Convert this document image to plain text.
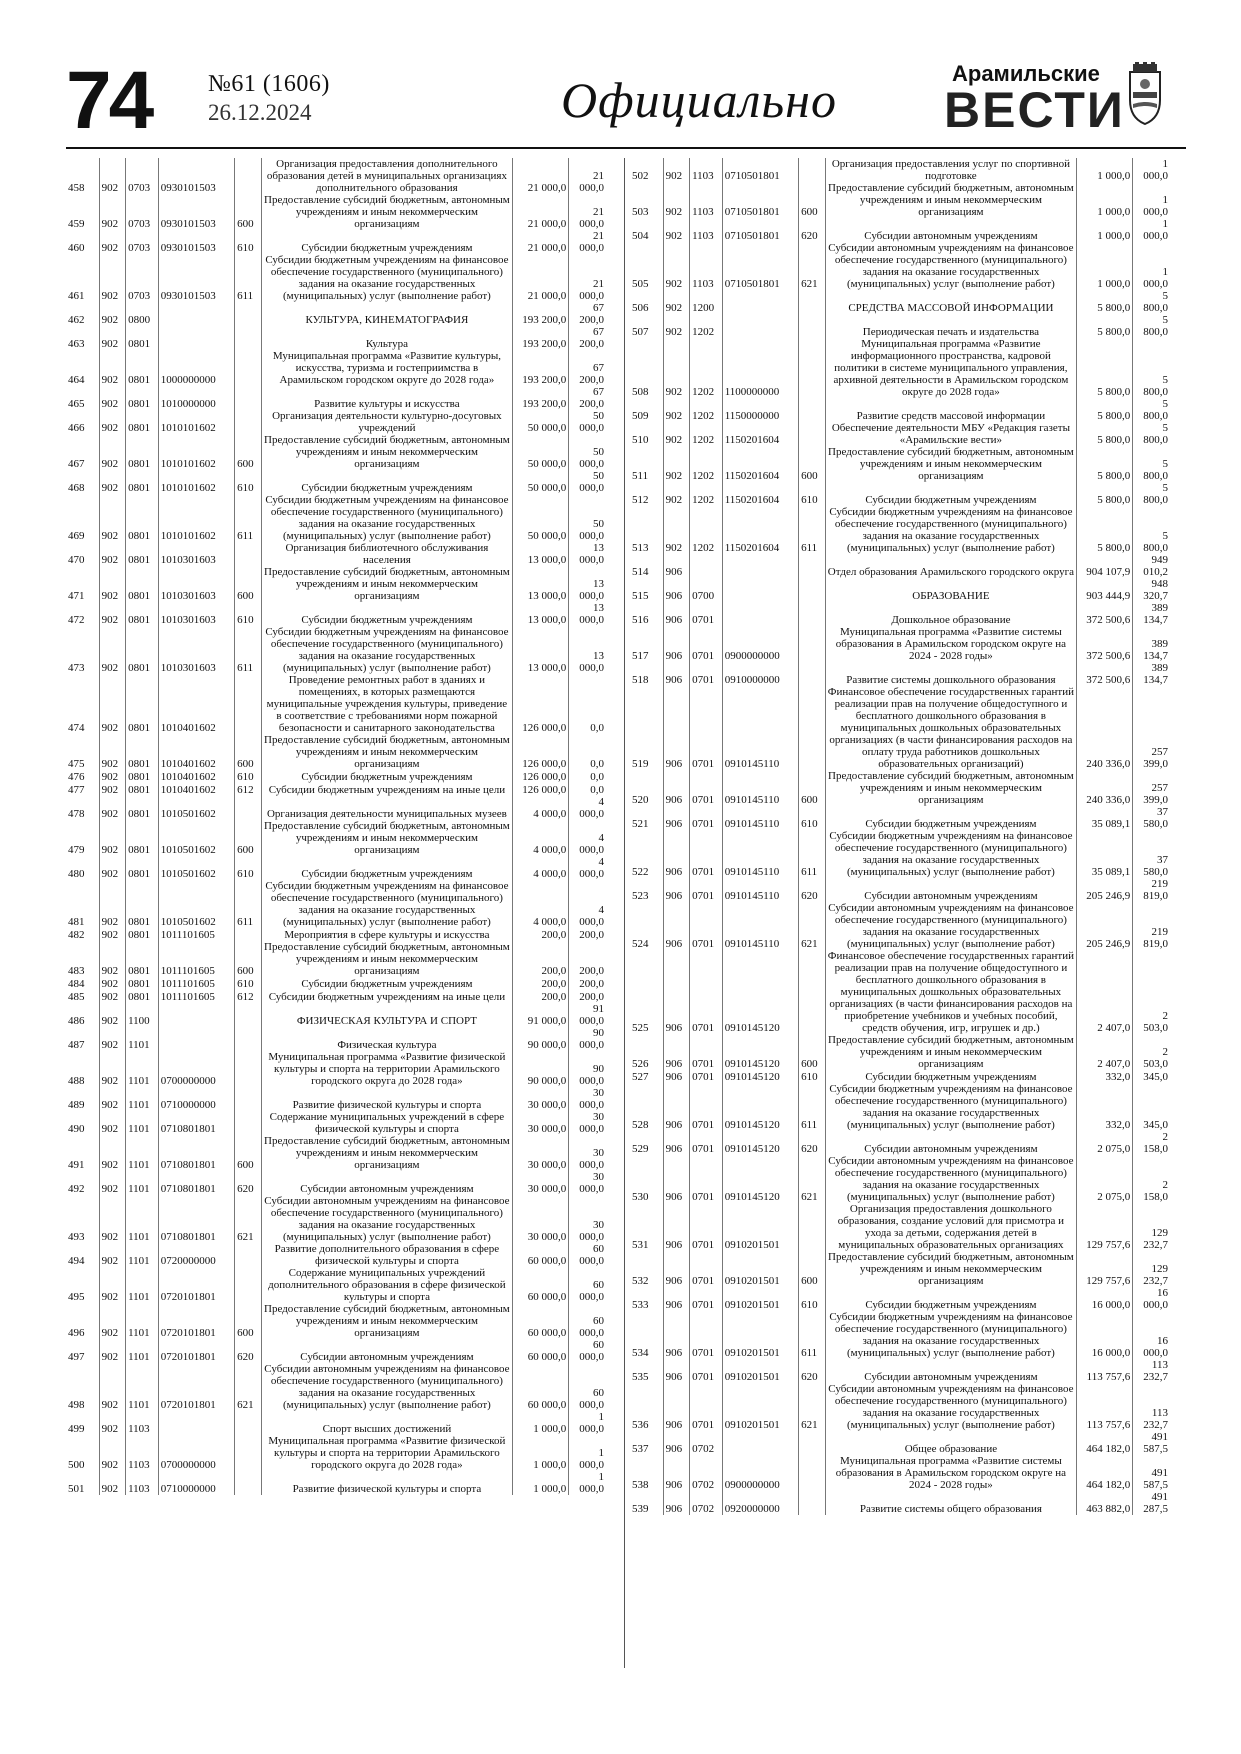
74 №61 (1606)
26.12.2024	Официально	Арамильские
ВЕСТИ
458	902	0703	0930101503		Организация предоставления дополнительного образования детей в муниципальных организациях дополнительного образования	21 000,0	21 000,0
459	902	0703	0930101503	600	Предоставление субсидий бюджетным, автономным учреждениям и иным некоммерческим организациям	21 000,0	21 000,0
460	902	0703	0930101503	610	Субсидии бюджетным учреждениям	21 000,0	21 000,0
461	902	0703	0930101503	611	Субсидии бюджетным учреждениям на финансовое обеспечение государственного (муниципального) задания на оказание государственных (муниципальных) услуг (выполнение работ)	21 000,0	21 000,0
462	902	0800			КУЛЬТУРА, КИНЕМАТОГРАФИЯ	193 200,0	67 200,0
463	902	0801			Культура	193 200,0	67 200,0
464	902	0801	1000000000		Муниципальная программа «Развитие культуры, искусства, туризма и гостеприимства в Арамильском городском округе до 2028 года»	193 200,0	67 200,0
465	902	0801	1010000000		Развитие культуры и искусства	193 200,0	67 200,0
466	902	0801	1010101602		Организация деятельности культурно-досуговых учреждений	50 000,0	50 000,0
467	902	0801	1010101602	600	Предоставление субсидий бюджетным, автономным учреждениям и иным некоммерческим организациям	50 000,0	50 000,0
468	902	0801	1010101602	610	Субсидии бюджетным учреждениям	50 000,0	50 000,0
469	902	0801	1010101602	611	Субсидии бюджетным учреждениям на финансовое обеспечение государственного (муниципального) задания на оказание государственных (муниципальных) услуг (выполнение работ)	50 000,0	50 000,0
470	902	0801	1010301603		Организация библиотечного обслуживания населения	13 000,0	13 000,0
471	902	0801	1010301603	600	Предоставление субсидий бюджетным, автономным учреждениям и иным некоммерческим организациям	13 000,0	13 000,0
472	902	0801	1010301603	610	Субсидии бюджетным учреждениям	13 000,0	13 000,0
473	902	0801	1010301603	611	Субсидии бюджетным учреждениям на финансовое обеспечение государственного (муниципального) задания на оказание государственных (муниципальных) услуг (выполнение работ)	13 000,0	13 000,0
474	902	0801	1010401602		Проведение ремонтных работ в зданиях и помещениях, в которых размещаются муниципальные учреждения культуры, приведение в соответствие с требованиями норм пожарной безопасности и санитарного законодательства	126 000,0	0,0
475	902	0801	1010401602	600	Предоставление субсидий бюджетным, автономным учреждениям и иным некоммерческим организациям	126 000,0	0,0
476	902	0801	1010401602	610	Субсидии бюджетным учреждениям	126 000,0	0,0
477	902	0801	1010401602	612	Субсидии бюджетным учреждениям на иные цели	126 000,0	0,0
478	902	0801	1010501602		Организация деятельности муниципальных музеев	4 000,0	4 000,0
479	902	0801	1010501602	600	Предоставление субсидий бюджетным, автономным учреждениям и иным некоммерческим организациям	4 000,0	4 000,0
480	902	0801	1010501602	610	Субсидии бюджетным учреждениям	4 000,0	4 000,0
481	902	0801	1010501602	611	Субсидии бюджетным учреждениям на финансовое обеспечение государственного (муниципального) задания на оказание государственных (муниципальных) услуг (выполнение работ)	4 000,0	4 000,0
482	902	0801	1011101605		Мероприятия в сфере культуры и искусства	200,0	200,0
483	902	0801	1011101605	600	Предоставление субсидий бюджетным, автономным учреждениям и иным некоммерческим организациям	200,0	200,0
484	902	0801	1011101605	610	Субсидии бюджетным учреждениям	200,0	200,0
485	902	0801	1011101605	612	Субсидии бюджетным учреждениям на иные цели	200,0	200,0
486	902	1100			ФИЗИЧЕСКАЯ КУЛЬТУРА И СПОРТ	91 000,0	91 000,0
487	902	1101			Физическая культура	90 000,0	90 000,0
488	902	1101	0700000000		Муниципальная программа «Развитие физической культуры и спорта на территории Арамильского городского округа до 2028 года»	90 000,0	90 000,0
489	902	1101	0710000000		Развитие физической культуры и спорта	30 000,0	30 000,0
490	902	1101	0710801801		Содержание муниципальных учреждений в сфере физической культуры и спорта	30 000,0	30 000,0
491	902	1101	0710801801	600	Предоставление субсидий бюджетным, автономным учреждениям и иным некоммерческим организациям	30 000,0	30 000,0
492	902	1101	0710801801	620	Субсидии автономным учреждениям	30 000,0	30 000,0
493	902	1101	0710801801	621	Субсидии автономным учреждениям на финансовое обеспечение государственного (муниципального) задания на оказание государственных (муниципальных) услуг (выполнение работ)	30 000,0	30 000,0
494	902	1101	0720000000		Развитие дополнительного образования в сфере физической культуры и спорта	60 000,0	60 000,0
495	902	1101	0720101801		Содержание муниципальных учреждений дополнительного образования в сфере физической культуры и спорта	60 000,0	60 000,0
496	902	1101	0720101801	600	Предоставление субсидий бюджетным, автономным учреждениям и иным некоммерческим организациям	60 000,0	60 000,0
497	902	1101	0720101801	620	Субсидии автономным учреждениям	60 000,0	60 000,0
498	902	1101	0720101801	621	Субсидии автономным учреждениям на финансовое обеспечение государственного (муниципального) задания на оказание государственных (муниципальных) услуг (выполнение работ)	60 000,0	60 000,0
499	902	1103			Спорт высших достижений	1 000,0	1 000,0
500	902	1103	0700000000		Муниципальная программа «Развитие физической культуры и спорта на территории Арамильского городского округа до 2028 года»	1 000,0	1 000,0
501	902	1103	0710000000		Развитие физической культуры и спорта	1 000,0	1 000,0
502	902	1103	0710501801		Организация предоставления услуг по спортивной подготовке	1 000,0	1 000,0
503	902	1103	0710501801	600	Предоставление субсидий бюджетным, автономным учреждениям и иным некоммерческим организациям	1 000,0	1 000,0
504	902	1103	0710501801	620	Субсидии автономным учреждениям	1 000,0	1 000,0
505	902	1103	0710501801	621	Субсидии автономным учреждениям на финансовое обеспечение государственного (муниципального) задания на оказание государственных (муниципальных) услуг (выполнение работ)	1 000,0	1 000,0
506	902	1200			СРЕДСТВА МАССОВОЙ ИНФОРМАЦИИ	5 800,0	5 800,0
507	902	1202			Периодическая печать и издательства	5 800,0	5 800,0
508	902	1202	1100000000		Муниципальная программа «Развитие информационного пространства, кадровой политики в системе муниципального управления, архивной деятельности в Арамильском городском округе до 2028 года»	5 800,0	5 800,0
509	902	1202	1150000000		Развитие средств массовой информации	5 800,0	5 800,0
510	902	1202	1150201604		Обеспечение деятельности МБУ «Редакция газеты «Арамильские вести»	5 800,0	5 800,0
511	902	1202	1150201604	600	Предоставление субсидий бюджетным, автономным учреждениям и иным некоммерческим организациям	5 800,0	5 800,0
512	902	1202	1150201604	610	Субсидии бюджетным учреждениям	5 800,0	5 800,0
513	902	1202	1150201604	611	Субсидии бюджетным учреждениям на финансовое обеспечение государственного (муниципального) задания на оказание государственных (муниципальных) услуг (выполнение работ)	5 800,0	5 800,0
514	906				Отдел образования Арамильского городского округа	904 107,9	949 010,2
515	906	0700			ОБРАЗОВАНИЕ	903 444,9	948 320,7
516	906	0701			Дошкольное образование	372 500,6	389 134,7
517	906	0701	0900000000		Муниципальная программа «Развитие системы образования в Арамильском городском округе на 2024 - 2028 годы»	372 500,6	389 134,7
518	906	0701	0910000000		Развитие системы дошкольного образования	372 500,6	389 134,7
519	906	0701	0910145110		Финансовое обеспечение государственных гарантий реализации прав на получение общедоступного и бесплатного дошкольного образования в муниципальных дошкольных образовательных организациях (в части финансирования расходов на оплату труда работников дошкольных образовательных организаций)	240 336,0	257 399,0
520	906	0701	0910145110	600	Предоставление субсидий бюджетным, автономным учреждениям и иным некоммерческим организациям	240 336,0	257 399,0
521	906	0701	0910145110	610	Субсидии бюджетным учреждениям	35 089,1	37 580,0
522	906	0701	0910145110	611	Субсидии бюджетным учреждениям на финансовое обеспечение государственного (муниципального) задания на оказание государственных (муниципальных) услуг (выполнение работ)	35 089,1	37 580,0
523	906	0701	0910145110	620	Субсидии автономным учреждениям	205 246,9	219 819,0
524	906	0701	0910145110	621	Субсидии автономным учреждениям на финансовое обеспечение государственного (муниципального) задания на оказание государственных (муниципальных) услуг (выполнение работ)	205 246,9	219 819,0
525	906	0701	0910145120		Финансовое обеспечение государственных гарантий реализации прав на получение общедоступного и бесплатного дошкольного образования в муниципальных дошкольных образовательных организациях (в части финансирования расходов на приобретение учебников и учебных пособий, средств обучения, игр, игрушек и др.)	2 407,0	2 503,0
526	906	0701	0910145120	600	Предоставление субсидий бюджетным, автономным учреждениям и иным некоммерческим организациям	2 407,0	2 503,0
527	906	0701	0910145120	610	Субсидии бюджетным учреждениям	332,0	345,0
528	906	0701	0910145120	611	Субсидии бюджетным учреждениям на финансовое обеспечение государственного (муниципального) задания на оказание государственных (муниципальных) услуг (выполнение работ)	332,0	345,0
529	906	0701	0910145120	620	Субсидии автономным учреждениям	2 075,0	2 158,0
530	906	0701	0910145120	621	Субсидии автономным учреждениям на финансовое обеспечение государственного (муниципального) задания на оказание государственных (муниципальных) услуг (выполнение работ)	2 075,0	2 158,0
531	906	0701	0910201501		Организация предоставления дошкольного образования, создание условий для присмотра и ухода за детьми, содержания детей в муниципальных образовательных организациях	129 757,6	129 232,7
532	906	0701	0910201501	600	Предоставление субсидий бюджетным, автономным учреждениям и иным некоммерческим организациям	129 757,6	129 232,7
533	906	0701	0910201501	610	Субсидии бюджетным учреждениям	16 000,0	16 000,0
534	906	0701	0910201501	611	Субсидии бюджетным учреждениям на финансовое обеспечение государственного (муниципального) задания на оказание государственных (муниципальных) услуг (выполнение работ)	16 000,0	16 000,0
535	906	0701	0910201501	620	Субсидии автономным учреждениям	113 757,6	113 232,7
536	906	0701	0910201501	621	Субсидии автономным учреждениям на финансовое обеспечение государственного (муниципального) задания на оказание государственных (муниципальных) услуг (выполнение работ)	113 757,6	113 232,7
537	906	0702			Общее образование	464 182,0	491 587,5
538	906	0702	0900000000		Муниципальная программа «Развитие системы образования в Арамильском городском округе на 2024 - 2028 годы»	464 182,0	491 587,5
539	906	0702	0920000000		Развитие системы общего образования	463 882,0	491 287,5
